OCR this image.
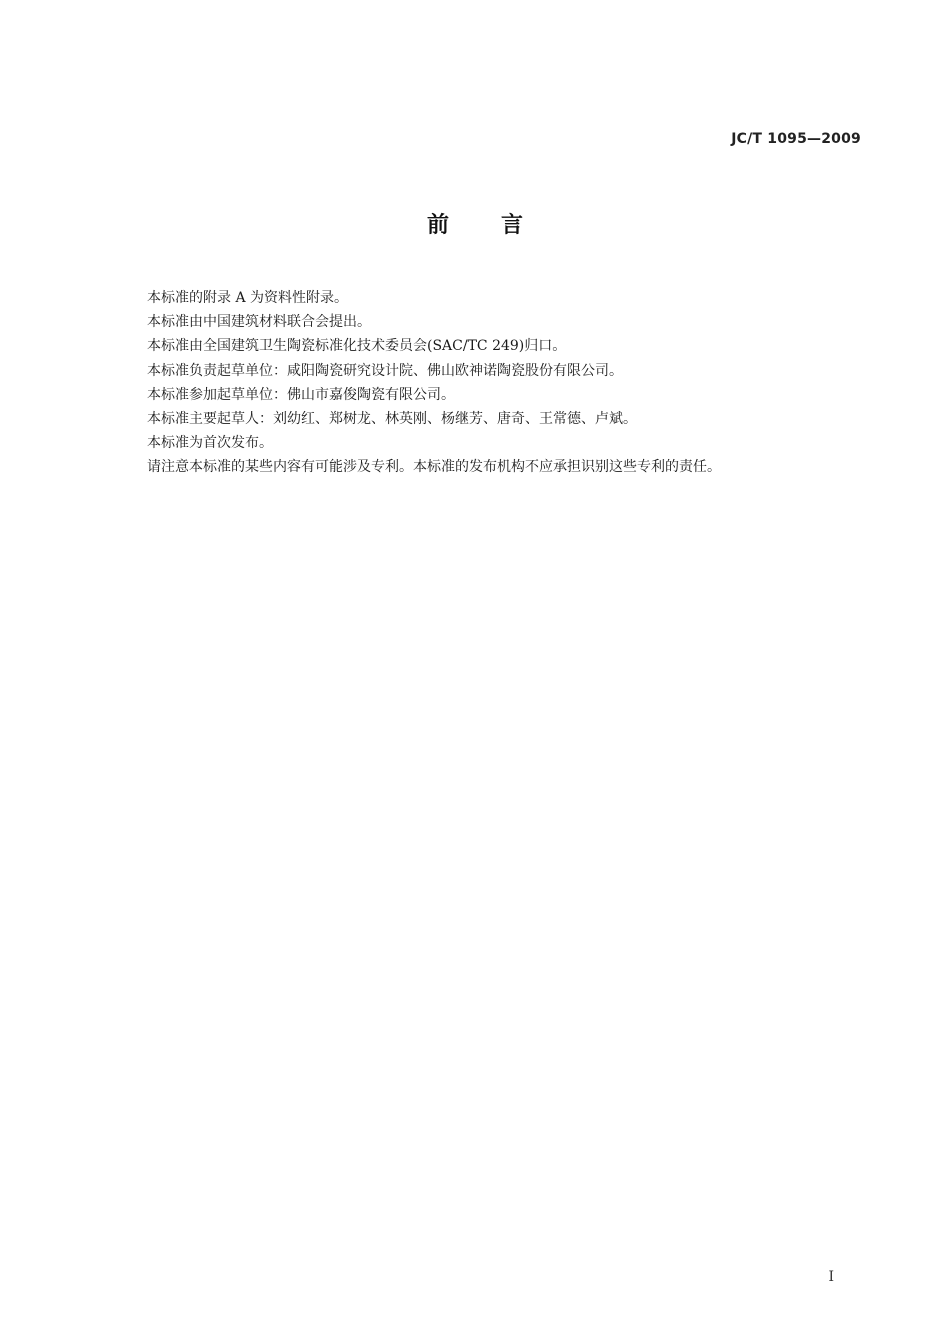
JC/T 1095—2009
前 言
本标准的附录 A 为资料性附录。
本标准由中国建筑材料联合会提出。
本标准由全国建筑卫生陶瓷标准化技术委员会(SAC/TC 249)归口。
本标准负责起草单位：咸阳陶瓷研究设计院、佛山欧神诺陶瓷股份有限公司。
本标准参加起草单位：佛山市嘉俊陶瓷有限公司。
本标准主要起草人：刘幼红、郑树龙、林英刚、杨继芳、唐奇、王常德、卢斌。
本标准为首次发布。
请注意本标准的某些内容有可能涉及专利。本标准的发布机构不应承担识别这些专利的责任。
I
